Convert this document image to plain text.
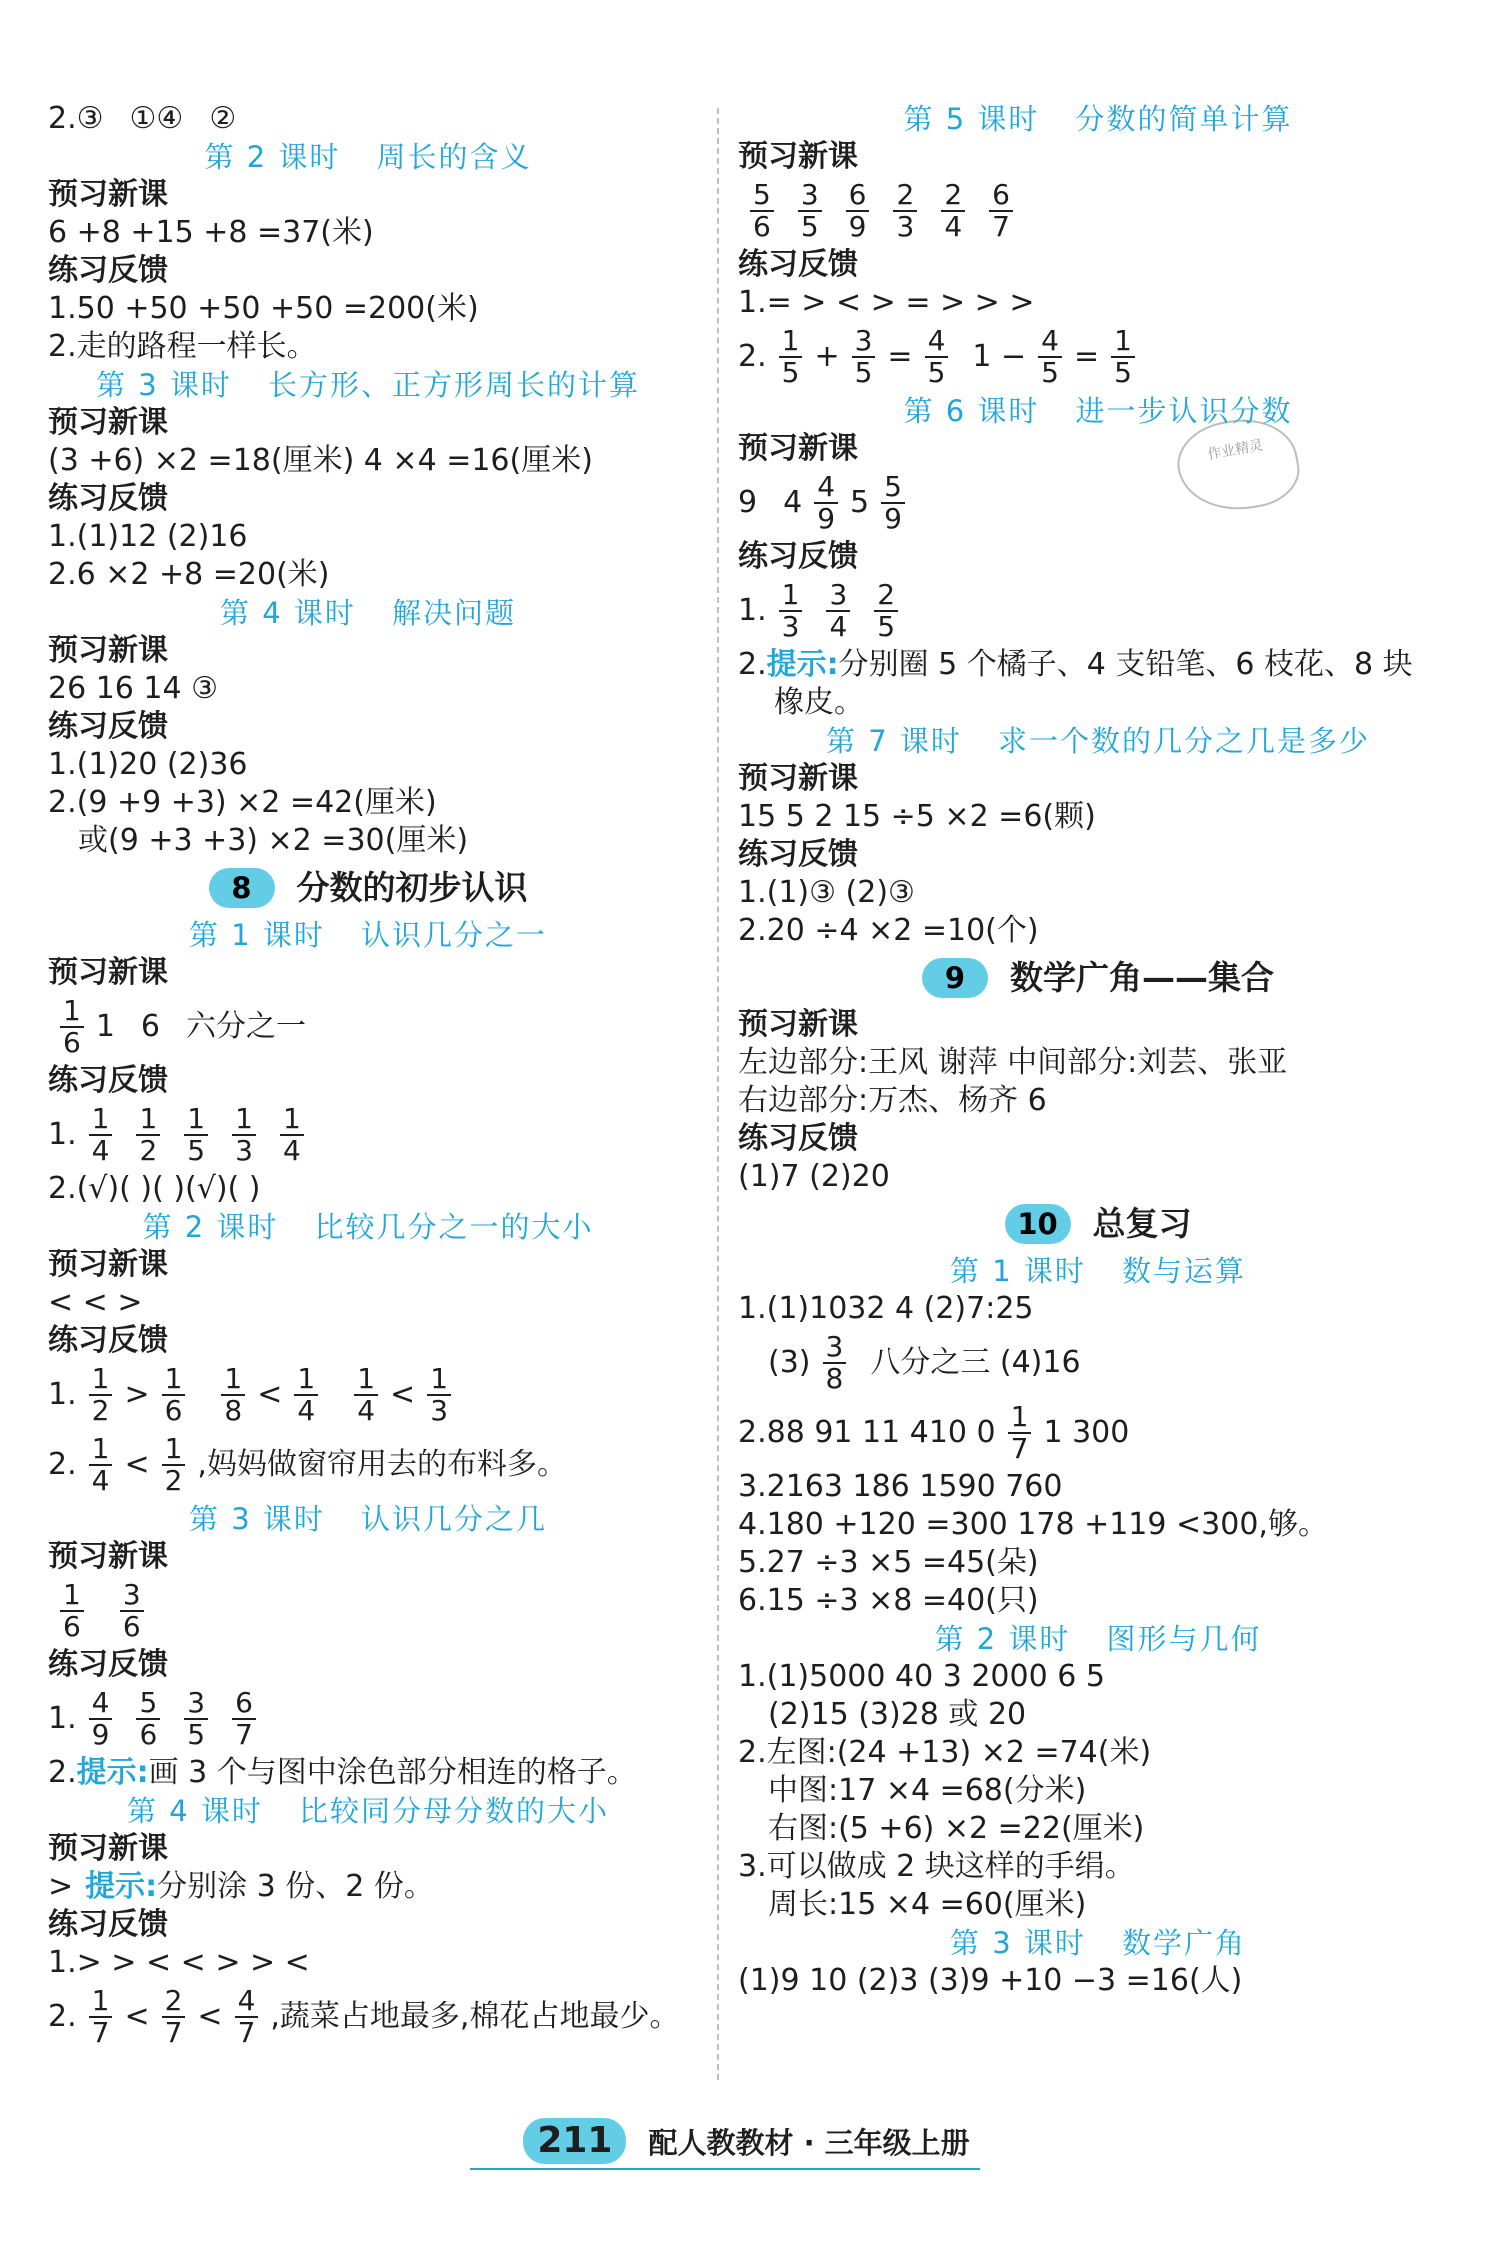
作业精灵
2. ③ ①④ ②
第 2 课时 周长的含义
预习新课
6 +8 +15 +8 =37(米)
练习反馈
1.50 +50 +50 +50 =200(米)
2.走的路程一样长。
第 3 课时 长方形、正方形周长的计算
预习新课
(3 +6) ×2 =18(厘米) 4 ×4 =16(厘米)
练习反馈
1.(1)12 (2)16
2.6 ×2 +8 =20(米)
第 4 课时 解决问题
预习新课
26 16 14 ③
练习反馈
1.(1)20 (2)36
2.(9 +9 +3) ×2 =42(厘米)
或(9 +3 +3) ×2 =30(厘米)
8	分数的初步认识
第 1 课时 认识几分之一
预习新课
$\frac{1}{6} 1$ 6 六分之一
练习反馈
1. $\frac{1}{4} \frac{1}{2} \frac{1}{5} \frac{1}{3} \frac{1}{4}$
2.(√)( )( )(√)( )
第 2 课时 比较几分之一的大小
预习新课
< < >
练习反馈
1. $\frac{1}{2} > \frac{1}{6} \frac{1}{8} < \frac{1}{4} \frac{1}{4} < \frac{1}{3}$
2. $\frac{1}{4} < \frac{1}{2}$ ,妈妈做窗帘用去的布料多。
第 3 课时 认识几分之几
预习新课
$\frac{1}{6} \frac{3}{6}$
练习反馈
1. $\frac{4}{9} \frac{5}{6} \frac{3}{5} \frac{6}{7}$
2. 提示: 画 3 个与图中涂色部分相连的格子。
第 4 课时 比较同分母分数的大小
预习新课
> 提示: 分别涂 3 份、2 份。
练习反馈
1.> > < < > > <
2. $\frac{1}{7} < \frac{2}{7} < \frac{4}{7}$ ,蔬菜占地最多,棉花占地最少。
第 5 课时 分数的简单计算
预习新课
$\frac{5}{6} \frac{3}{5} \frac{6}{9} \frac{2}{3} \frac{2}{4} \frac{6}{7}$
练习反馈
1.= > < > = > > >
2. $\frac{1}{5} + \frac{3}{5} = \frac{4}{5} 1 - \frac{4}{5} = \frac{1}{5}$
第 6 课时 进一步认识分数
预习新课
9 $4 \frac{4}{9} 5 \frac{5}{9}$
练习反馈
1. $\frac{1}{3} \frac{3}{4} \frac{2}{5}$
2. 提示: 分别圈 5 个橘子、4 支铅笔、6 枝花、8 块
橡皮。
第 7 课时 求一个数的几分之几是多少
预习新课
15 5 2 15 ÷5 ×2 =6(颗)
练习反馈
1.(1)③ (2)③
2.20 ÷4 ×2 =10(个)
9	数学广角——集合
预习新课
左边部分:王风 谢萍 中间部分:刘芸、张亚
右边部分:万杰、杨齐 6
练习反馈
(1)7 (2)20
10	总复习
第 1 课时 数与运算
1.(1)1032 4 (2)7:25
$(3) \frac{3}{8}$ 八分之三 (4)16
2.88 91 11 410 $0 \frac{1}{7} 1$ 300
3.2163 186 1590 760
4.180 +120 =300 178 +119 <300,够。
5.27 ÷3 ×5 =45(朵)
6.15 ÷3 ×8 =40(只)
第 2 课时 图形与几何
1.(1)5000 40 3 2000 6 5
(2)15 (3)28 或 20
2.左图:(24 +13) ×2 =74(米)
中图:17 ×4 =68(分米)
右图:(5 +6) ×2 =22(厘米)
3.可以做成 2 块这样的手绢。
周长:15 ×4 =60(厘米)
第 3 课时 数学广角
(1)9 10 (2)3 (3)9 +10 −3 =16(人)
211	配人教教材 · 三年级上册
